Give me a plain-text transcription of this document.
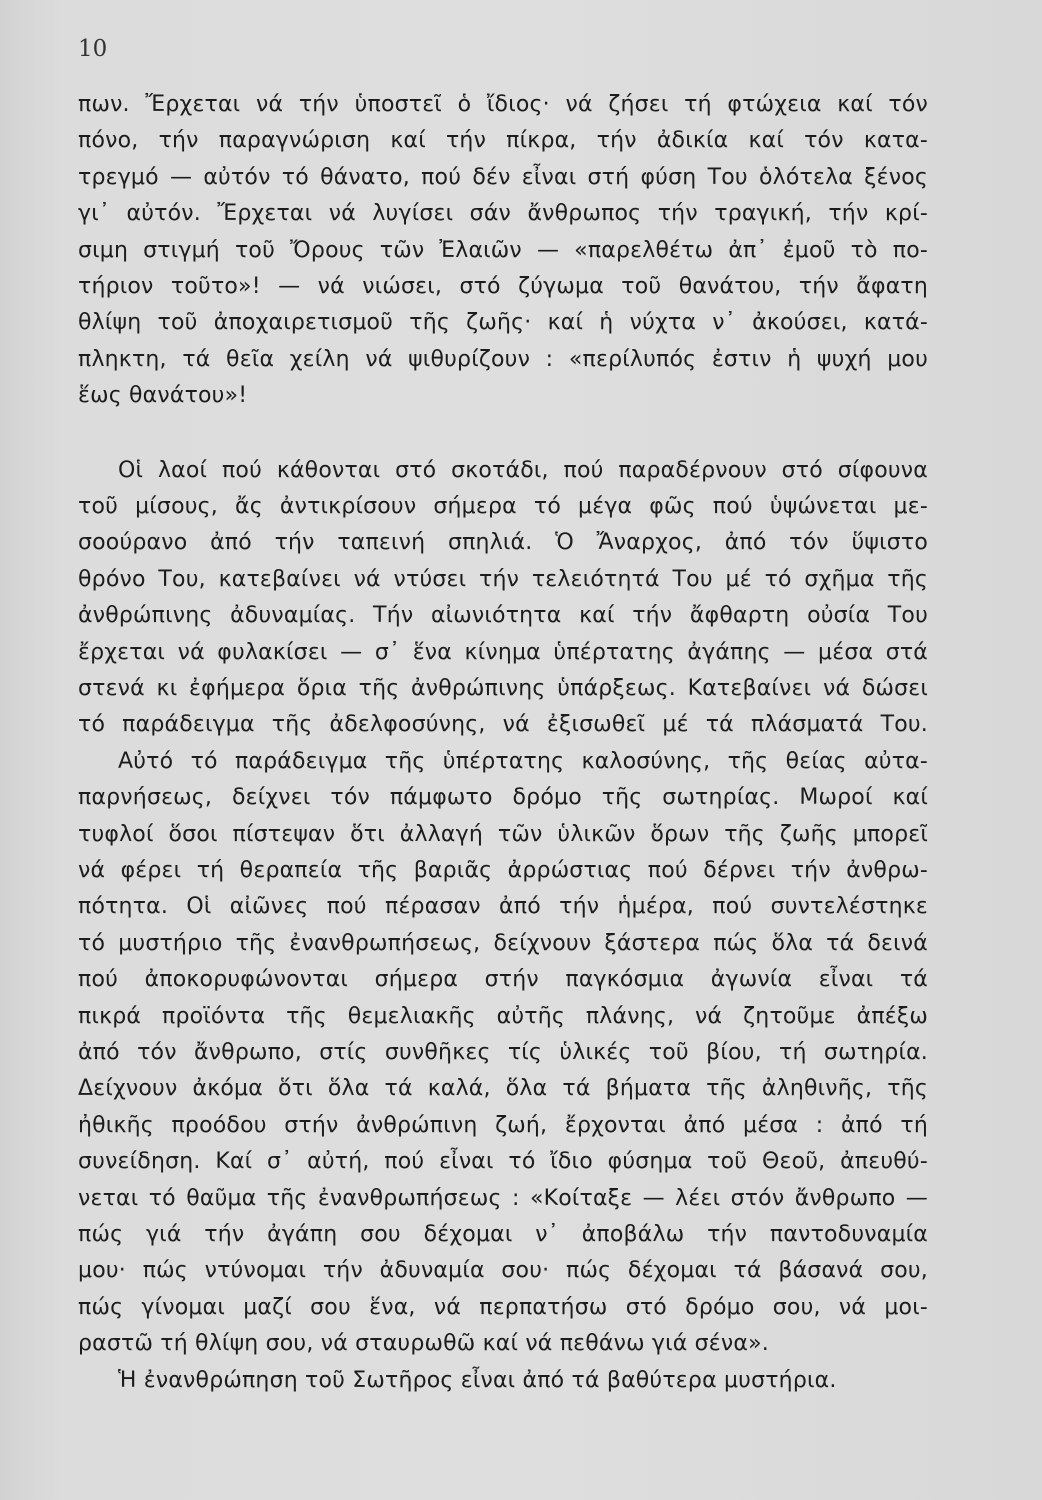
10
πων. Ἔρχεται νά τήν ὑποστεῖ ὁ ἴδιος· νά ζήσει τή φτώχεια καί τόν
πόνο, τήν παραγνώριση καί τήν πίκρα, τήν ἀδικία καί τόν κατα-
τρεγμό — αὐτόν τό θάνατο, πού δέν εἶναι στή φύση Του ὁλότελα ξένος
γι᾽ αὐτόν. Ἔρχεται νά λυγίσει σάν ἄνθρωπος τήν τραγική, τήν κρί-
σιμη στιγμή τοῦ Ὄρους τῶν Ἐλαιῶν — «παρελθέτω ἀπ᾽ ἐμοῦ τὸ πο-
τήριον τοῦτο»! — νά νιώσει, στό ζύγωμα τοῦ θανάτου, τήν ἄφατη
θλίψη τοῦ ἀποχαιρετισμοῦ τῆς ζωῆς· καί ἡ νύχτα ν᾽ ἀκούσει, κατά-
πληκτη, τά θεῖα χείλη νά ψιθυρίζουν : «περίλυπός ἐστιν ἡ ψυχή μου
ἕως θανάτου»!
Οἱ λαοί πού κάθονται στό σκοτάδι, πού παραδέρνουν στό σίφουνα
τοῦ μίσους, ἄς ἀντικρίσουν σήμερα τό μέγα φῶς πού ὑψώνεται με-
σοούρανο ἀπό τήν ταπεινή σπηλιά. Ὁ Ἄναρχος, ἀπό τόν ὕψιστο
θρόνο Του, κατεβαίνει νά ντύσει τήν τελειότητά Του μέ τό σχῆμα τῆς
ἀνθρώπινης ἀδυναμίας. Τήν αἰωνιότητα καί τήν ἄφθαρτη οὐσία Του
ἔρχεται νά φυλακίσει — σ᾽ ἕνα κίνημα ὑπέρτατης ἀγάπης — μέσα στά
στενά κι ἐφήμερα ὅρια τῆς ἀνθρώπινης ὑπάρξεως. Κατεβαίνει νά δώσει
τό παράδειγμα τῆς ἀδελφοσύνης, νά ἐξισωθεῖ μέ τά πλάσματά Του.
Αὐτό τό παράδειγμα τῆς ὑπέρτατης καλοσύνης, τῆς θείας αὐτα-
παρνήσεως, δείχνει τόν πάμφωτο δρόμο τῆς σωτηρίας. Μωροί καί
τυφλοί ὅσοι πίστεψαν ὅτι ἀλλαγή τῶν ὑλικῶν ὅρων τῆς ζωῆς μπορεῖ
νά φέρει τή θεραπεία τῆς βαριᾶς ἀρρώστιας πού δέρνει τήν ἀνθρω-
πότητα. Οἱ αἰῶνες πού πέρασαν ἀπό τήν ἡμέρα, πού συντελέστηκε
τό μυστήριο τῆς ἐνανθρωπήσεως, δείχνουν ξάστερα πώς ὅλα τά δεινά
πού ἀποκορυφώνονται σήμερα στήν παγκόσμια ἀγωνία εἶναι τά
πικρά προϊόντα τῆς θεμελιακῆς αὐτῆς πλάνης, νά ζητοῦμε ἀπέξω
ἀπό τόν ἄνθρωπο, στίς συνθῆκες τίς ὑλικές τοῦ βίου, τή σωτηρία.
Δείχνουν ἀκόμα ὅτι ὅλα τά καλά, ὅλα τά βήματα τῆς ἀληθινῆς, τῆς
ἠθικῆς προόδου στήν ἀνθρώπινη ζωή, ἔρχονται ἀπό μέσα : ἀπό τή
συνείδηση. Καί σ᾽ αὐτή, πού εἶναι τό ἴδιο φύσημα τοῦ Θεοῦ, ἀπευθύ-
νεται τό θαῦμα τῆς ἐνανθρωπήσεως : «Κοίταξε — λέει στόν ἄνθρωπο —
πώς γιά τήν ἀγάπη σου δέχομαι ν᾽ ἀποβάλω τήν παντοδυναμία
μου· πώς ντύνομαι τήν ἀδυναμία σου· πώς δέχομαι τά βάσανά σου,
πώς γίνομαι μαζί σου ἕνα, νά περπατήσω στό δρόμο σου, νά μοι-
ραστῶ τή θλίψη σου, νά σταυρωθῶ καί νά πεθάνω γιά σένα».
Ἡ ἐνανθρώπηση τοῦ Σωτῆρος εἶναι ἀπό τά βαθύτερα μυστήρια.
